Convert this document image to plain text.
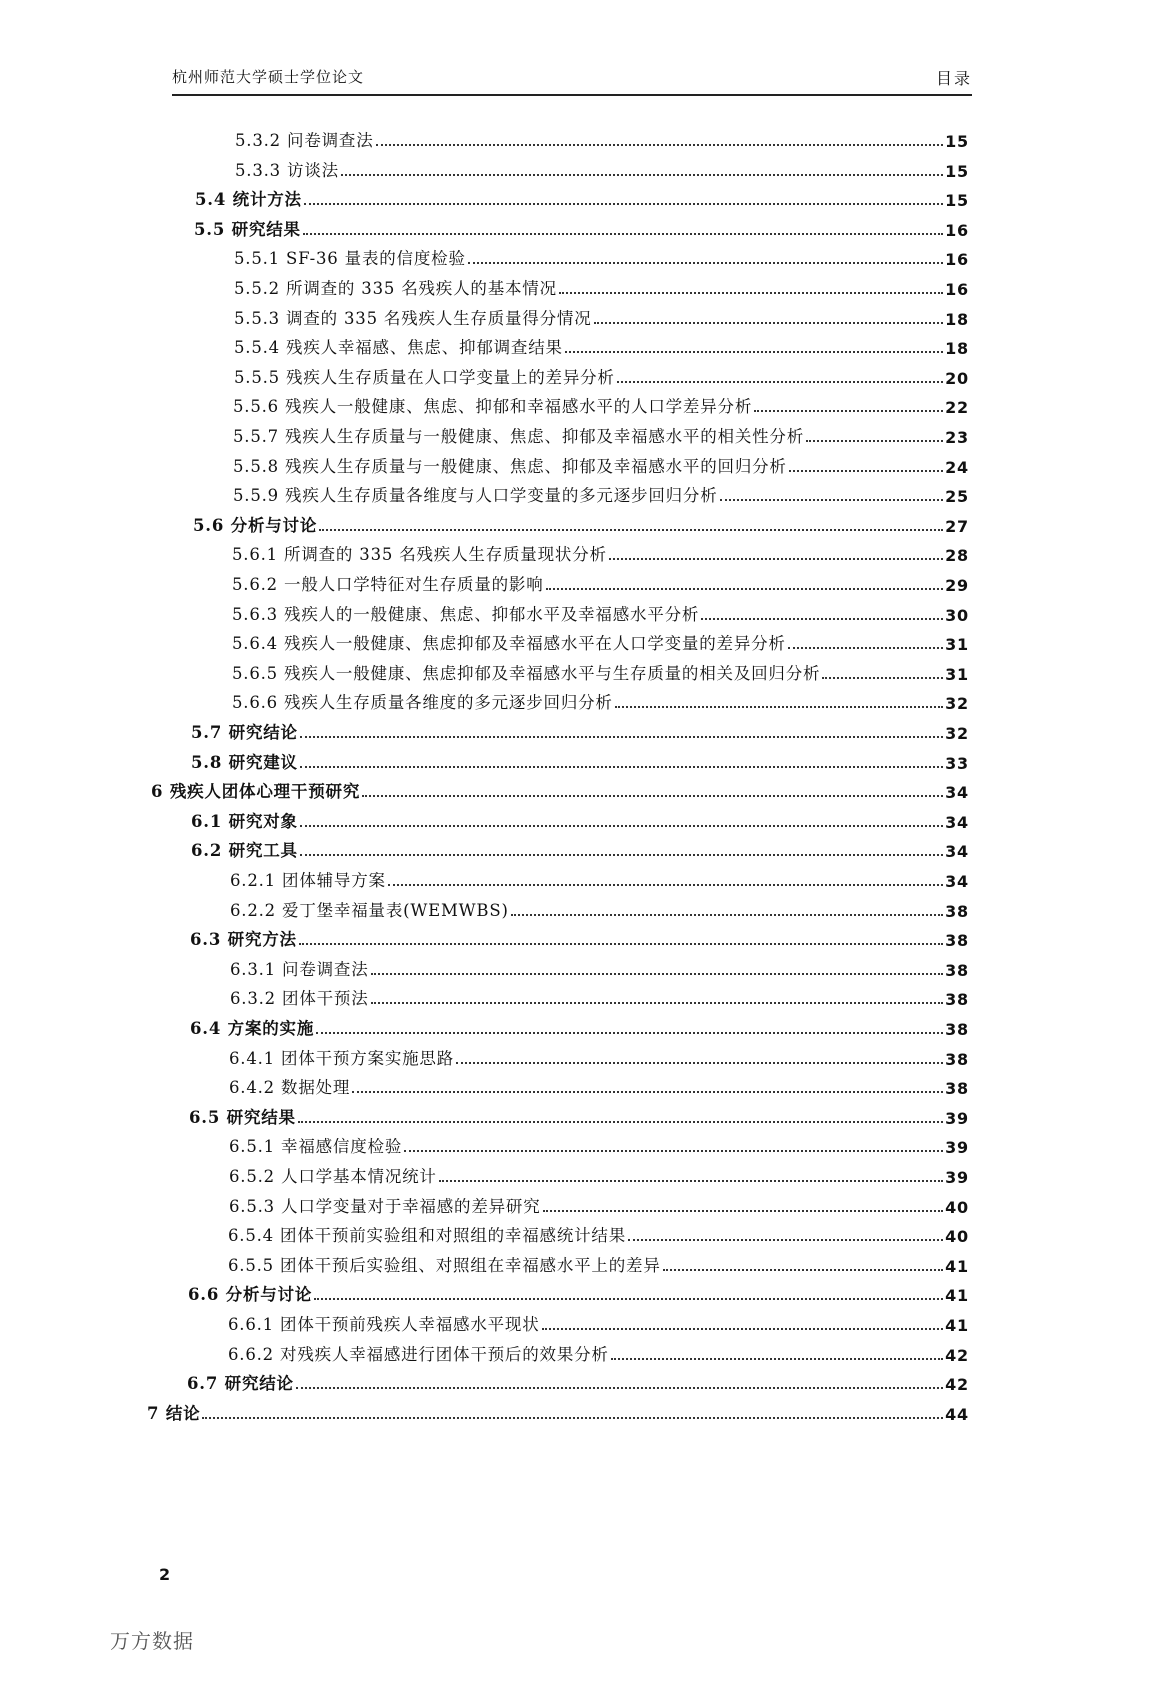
杭州师范大学硕士学位论文	目录
5.3.2 问卷调查法	15
5.3.3 访谈法	15
5.4 统计方法	15
5.5 研究结果	16
5.5.1 SF-36 量表的信度检验	16
5.5.2 所调查的 335 名残疾人的基本情况	16
5.5.3 调查的 335 名残疾人生存质量得分情况	18
5.5.4 残疾人幸福感、焦虑、抑郁调查结果	18
5.5.5 残疾人生存质量在人口学变量上的差异分析	20
5.5.6 残疾人一般健康、焦虑、抑郁和幸福感水平的人口学差异分析	22
5.5.7 残疾人生存质量与一般健康、焦虑、抑郁及幸福感水平的相关性分析	23
5.5.8 残疾人生存质量与一般健康、焦虑、抑郁及幸福感水平的回归分析	24
5.5.9 残疾人生存质量各维度与人口学变量的多元逐步回归分析	25
5.6 分析与讨论	27
5.6.1 所调查的 335 名残疾人生存质量现状分析	28
5.6.2 一般人口学特征对生存质量的影响	29
5.6.3 残疾人的一般健康、焦虑、抑郁水平及幸福感水平分析	30
5.6.4 残疾人一般健康、焦虑抑郁及幸福感水平在人口学变量的差异分析	31
5.6.5 残疾人一般健康、焦虑抑郁及幸福感水平与生存质量的相关及回归分析	31
5.6.6 残疾人生存质量各维度的多元逐步回归分析	32
5.7 研究结论	32
5.8 研究建议	33
6 残疾人团体心理干预研究	34
6.1 研究对象	34
6.2 研究工具	34
6.2.1 团体辅导方案	34
6.2.2 爱丁堡幸福量表(WEMWBS)	38
6.3 研究方法	38
6.3.1 问卷调查法	38
6.3.2 团体干预法	38
6.4 方案的实施	38
6.4.1 团体干预方案实施思路	38
6.4.2 数据处理	38
6.5 研究结果	39
6.5.1 幸福感信度检验	39
6.5.2 人口学基本情况统计	39
6.5.3 人口学变量对于幸福感的差异研究	40
6.5.4 团体干预前实验组和对照组的幸福感统计结果	40
6.5.5 团体干预后实验组、对照组在幸福感水平上的差异	41
6.6 分析与讨论	41
6.6.1 团体干预前残疾人幸福感水平现状	41
6.6.2 对残疾人幸福感进行团体干预后的效果分析	42
6.7 研究结论	42
7 结论	44
2
万方数据
